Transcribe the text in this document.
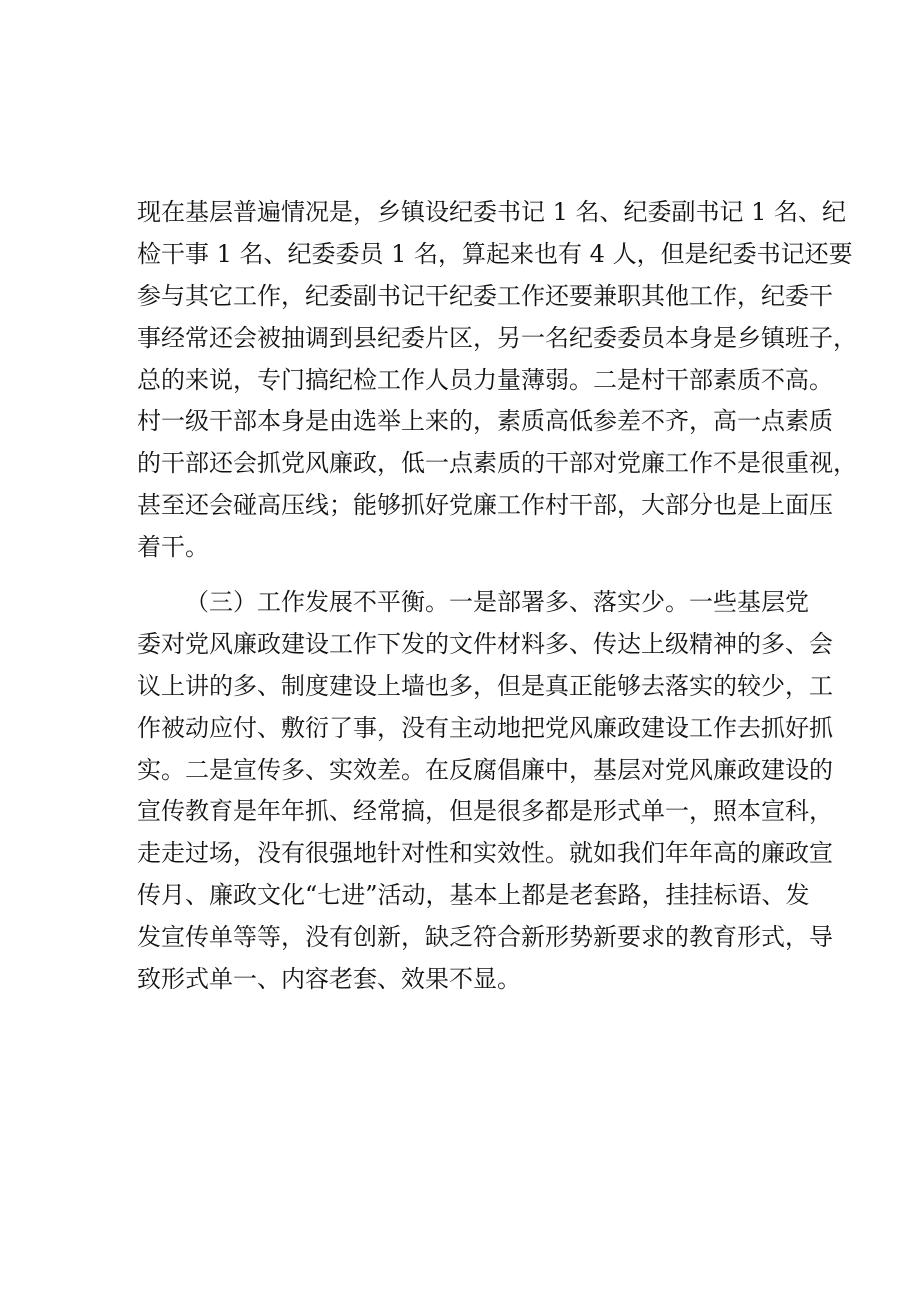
现在基层普遍情况是，乡镇设纪委书记 1 名、纪委副书记 1 名、纪
检干事 1 名、纪委委员 1 名，算起来也有 4 人，但是纪委书记还要
参与其它工作，纪委副书记干纪委工作还要兼职其他工作，纪委干
事经常还会被抽调到县纪委片区，另一名纪委委员本身是乡镇班子，
总的来说，专门搞纪检工作人员力量薄弱。二是村干部素质不高。
村一级干部本身是由选举上来的，素质高低参差不齐，高一点素质
的干部还会抓党风廉政，低一点素质的干部对党廉工作不是很重视，
甚至还会碰高压线；能够抓好党廉工作村干部，大部分也是上面压
着干。
（三）工作发展不平衡。一是部署多、落实少。一些基层党
委对党风廉政建设工作下发的文件材料多、传达上级精神的多、会
议上讲的多、制度建设上墙也多，但是真正能够去落实的较少，工
作被动应付、敷衍了事，没有主动地把党风廉政建设工作去抓好抓
实。二是宣传多、实效差。在反腐倡廉中，基层对党风廉政建设的
宣传教育是年年抓、经常搞，但是很多都是形式单一，照本宣科，
走走过场，没有很强地针对性和实效性。就如我们年年高的廉政宣
传月、廉政文化“七进”活动，基本上都是老套路，挂挂标语、发
发宣传单等等，没有创新，缺乏符合新形势新要求的教育形式，导
致形式单一、内容老套、效果不显。
